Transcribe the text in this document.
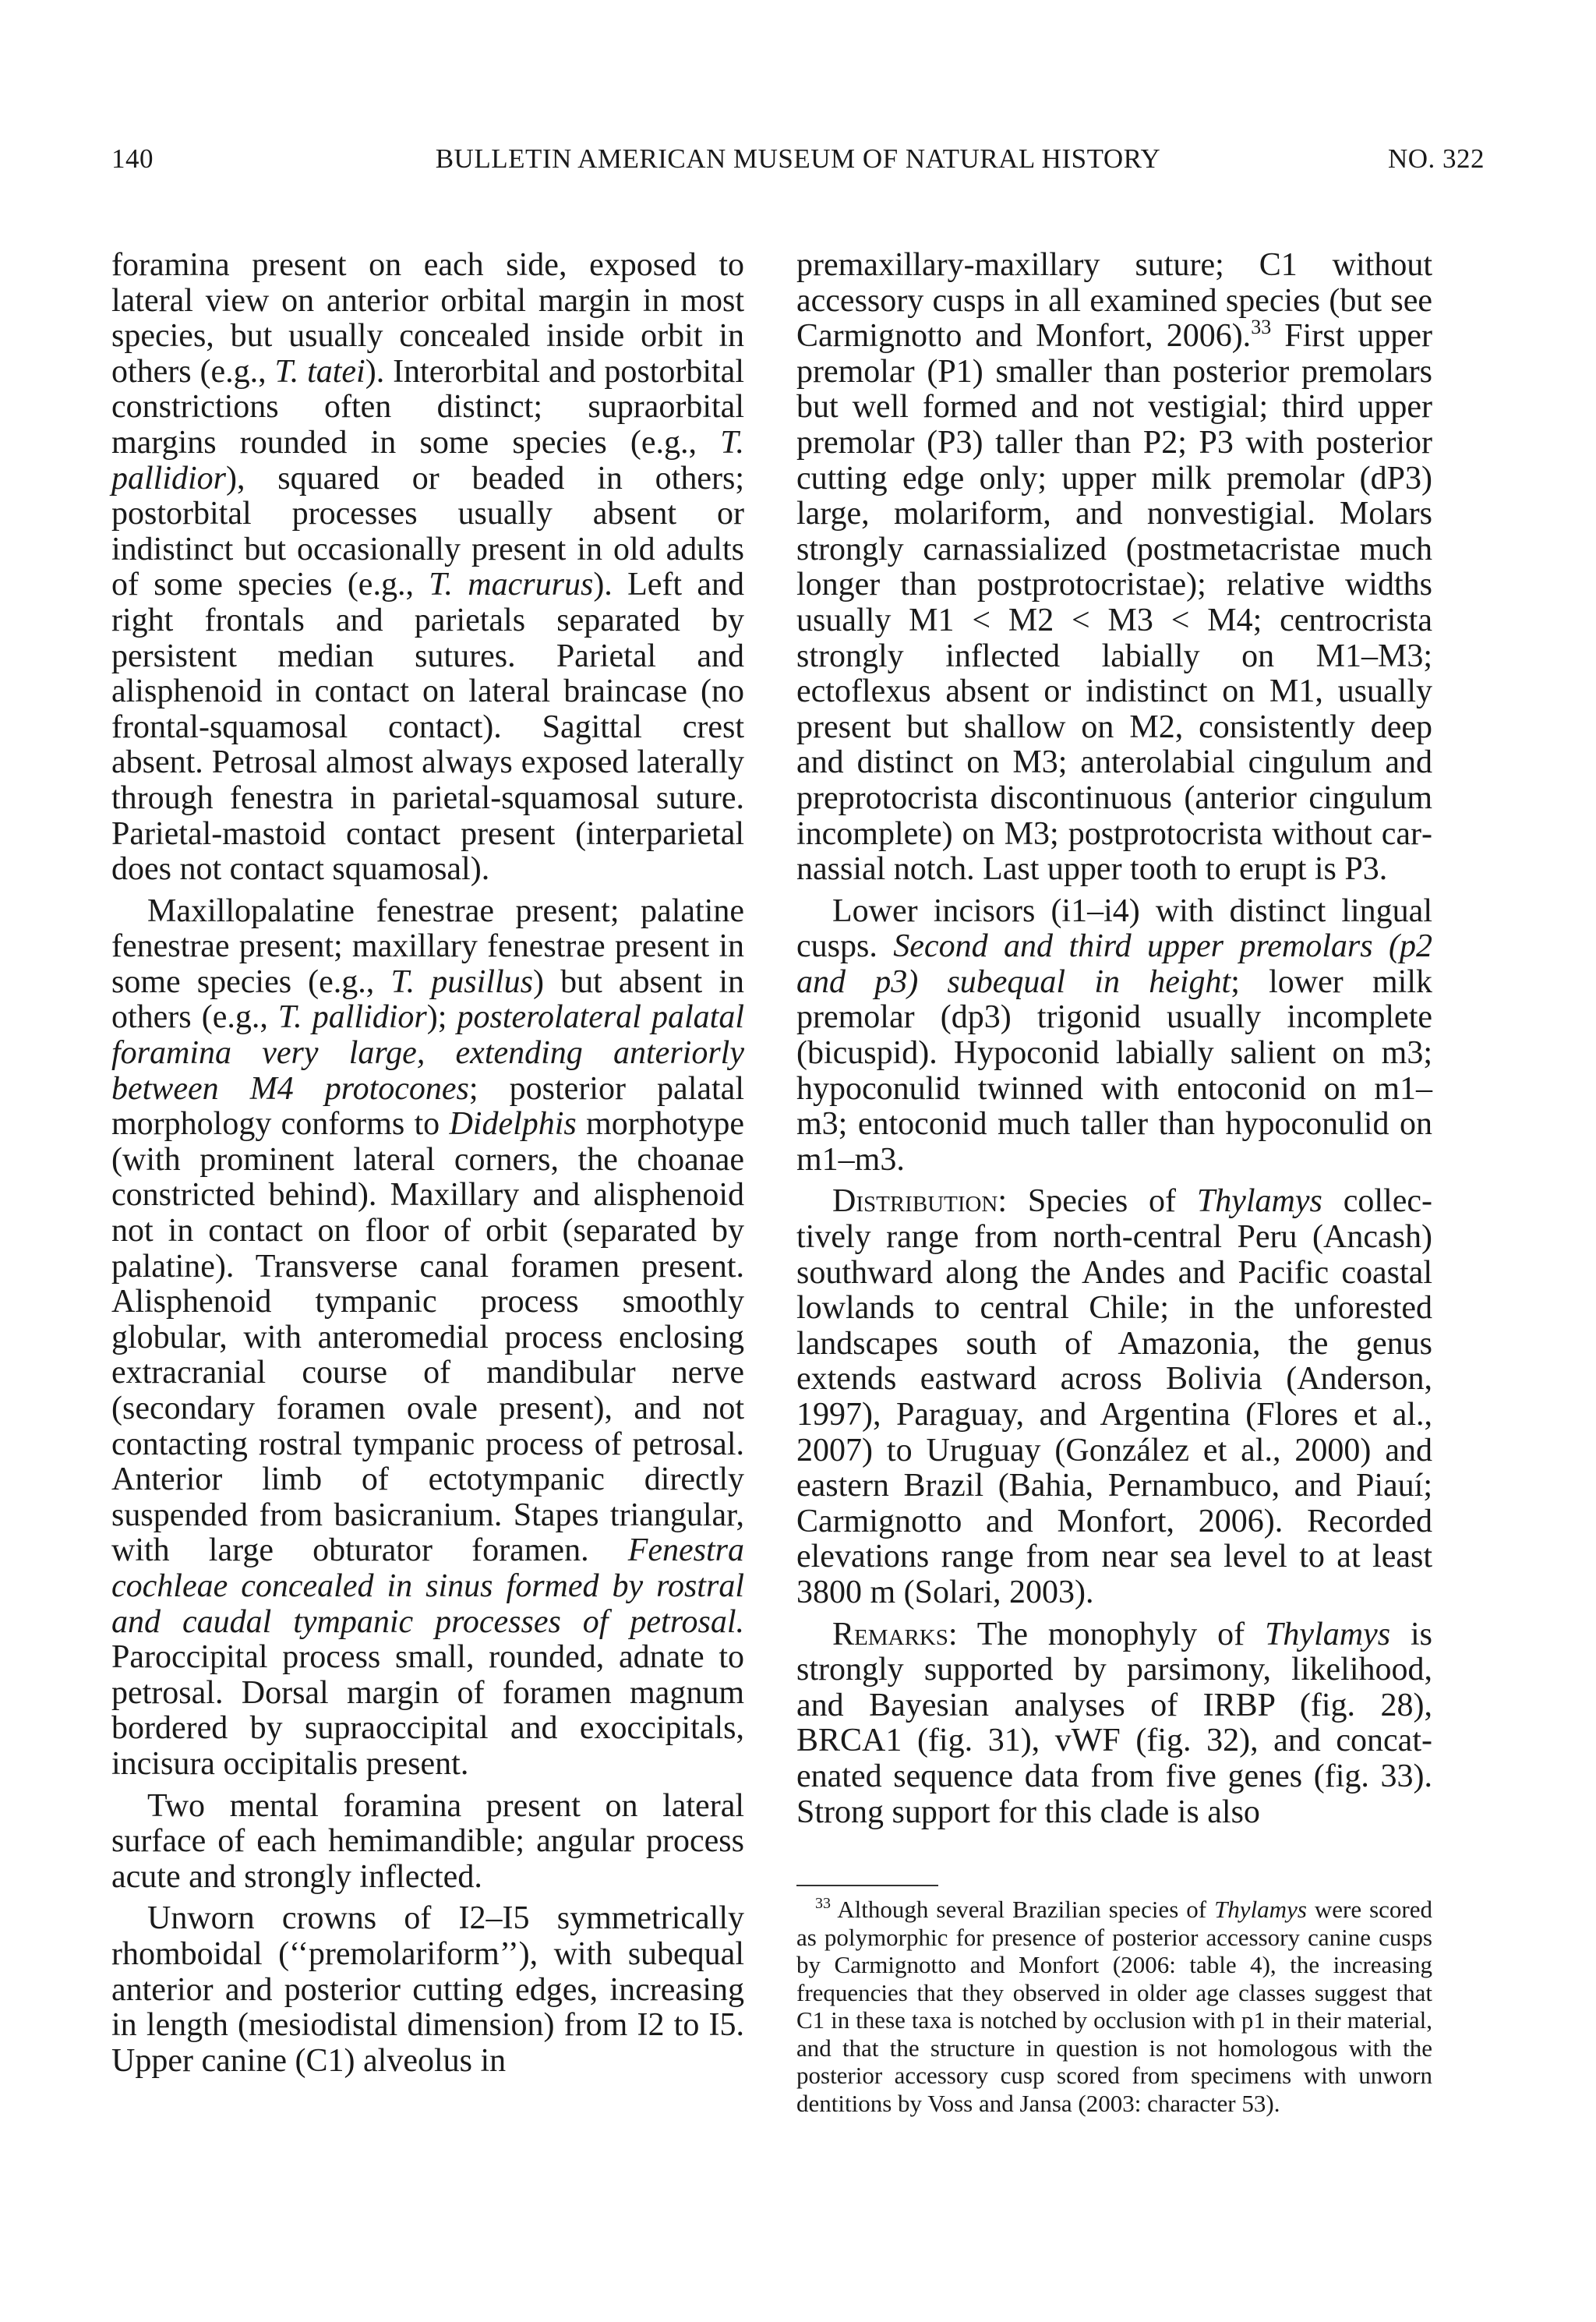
140	BULLETIN AMERICAN MUSEUM OF NATURAL HISTORY	NO. 322

foramina present on each side, exposed to lateral view on anterior orbital margin in most species, but usually concealed inside orbit in others (e.g., T. tatei). Interorbital and postorbital constrictions often distinct; supraorbital margins rounded in some species (e.g., T. pallidior), squared or beaded in others; postorbital processes usually absent or indistinct but occasionally present in old adults of some species (e.g., T. macrurus). Left and right frontals and parietals separated by persistent median sutures. Parietal and alisphenoid in contact on lateral braincase (no frontal-squamosal contact). Sagittal crest absent. Petrosal almost always exposed laterally through fenestra in parietal-squamosal suture. Parietal-mastoid contact present (interparietal does not contact squamosal).

Maxillopalatine fenestrae present; palatine fenestrae present; maxillary fenestrae present in some species (e.g., T. pusillus) but absent in others (e.g., T. pallidior); posterolateral palatal foramina very large, extending anteriorly between M4 protocones; posterior palatal morphology conforms to Didelphis morphotype (with prominent lateral corners, the choanae constricted behind). Maxillary and alisphenoid not in contact on floor of orbit (separated by palatine). Transverse canal foramen present. Alisphenoid tympanic process smoothly globular, with anteromedial process enclosing extracranial course of mandibular nerve (secondary foramen ovale present), and not contacting rostral tympanic process of petrosal. Anterior limb of ectotympanic directly suspended from basicranium. Stapes triangular, with large obturator foramen. Fenestra cochleae concealed in sinus formed by rostral and caudal tympanic processes of petrosal. Paroccipital process small, rounded, adnate to petrosal. Dorsal margin of foramen magnum bordered by supraoccipital and exoccipitals, incisura occipitalis present.

Two mental foramina present on lateral surface of each hemimandible; angular process acute and strongly inflected.

Unworn crowns of I2–I5 symmetrically rhomboidal (‘‘premolariform’’), with subequal anterior and posterior cutting edges, increasing in length (mesiodistal dimension) from I2 to I5. Upper canine (C1) alveolus in

premaxillary-maxillary suture; C1 without accessory cusps in all examined species (but see Carmignotto and Monfort, 2006).$^{33}$ First upper premolar (P1) smaller than posterior premolars but well formed and not vestigial; third upper premolar (P3) taller than P2; P3 with posterior cutting edge only; upper milk premolar (dP3) large, molariform, and nonvestigial. Molars strongly carnassialized (postmetacristae much longer than postprotocristae); relative widths usually M1 < M2 < M3 < M4; centrocrista strongly inflected labially on M1–M3; ectoflexus absent or indistinct on M1, usually present but shallow on M2, consistently deep and distinct on M3; anterolabial cingulum and preprotocrista discontinuous (anterior cingulum incomplete) on M3; postprotocrista without carnassial notch. Last upper tooth to erupt is P3.

Lower incisors (i1–i4) with distinct lingual cusps. Second and third upper premolars (p2 and p3) subequal in height; lower milk premolar (dp3) trigonid usually incomplete (bicuspid). Hypoconid labially salient on m3; hypoconulid twinned with entoconid on m1–m3; entoconid much taller than hypoconulid on m1–m3.

Distribution: Species of Thylamys collectively range from north-central Peru (Ancash) southward along the Andes and Pacific coastal lowlands to central Chile; in the unforested landscapes south of Amazonia, the genus extends eastward across Bolivia (Anderson, 1997), Paraguay, and Argentina (Flores et al., 2007) to Uruguay (González et al., 2000) and eastern Brazil (Bahia, Pernambuco, and Piauí; Carmignotto and Monfort, 2006). Recorded elevations range from near sea level to at least 3800 m (Solari, 2003).

Remarks: The monophyly of Thylamys is strongly supported by parsimony, likelihood, and Bayesian analyses of IRBP (fig. 28), BRCA1 (fig. 31), vWF (fig. 32), and concatenated sequence data from five genes (fig. 33). Strong support for this clade is also

$^{33}$ Although several Brazilian species of Thylamys were scored as polymorphic for presence of posterior accessory canine cusps by Carmignotto and Monfort (2006: table 4), the increasing frequencies that they observed in older age classes suggest that C1 in these taxa is notched by occlusion with p1 in their material, and that the structure in question is not homologous with the posterior accessory cusp scored from specimens with unworn dentitions by Voss and Jansa (2003: character 53).
